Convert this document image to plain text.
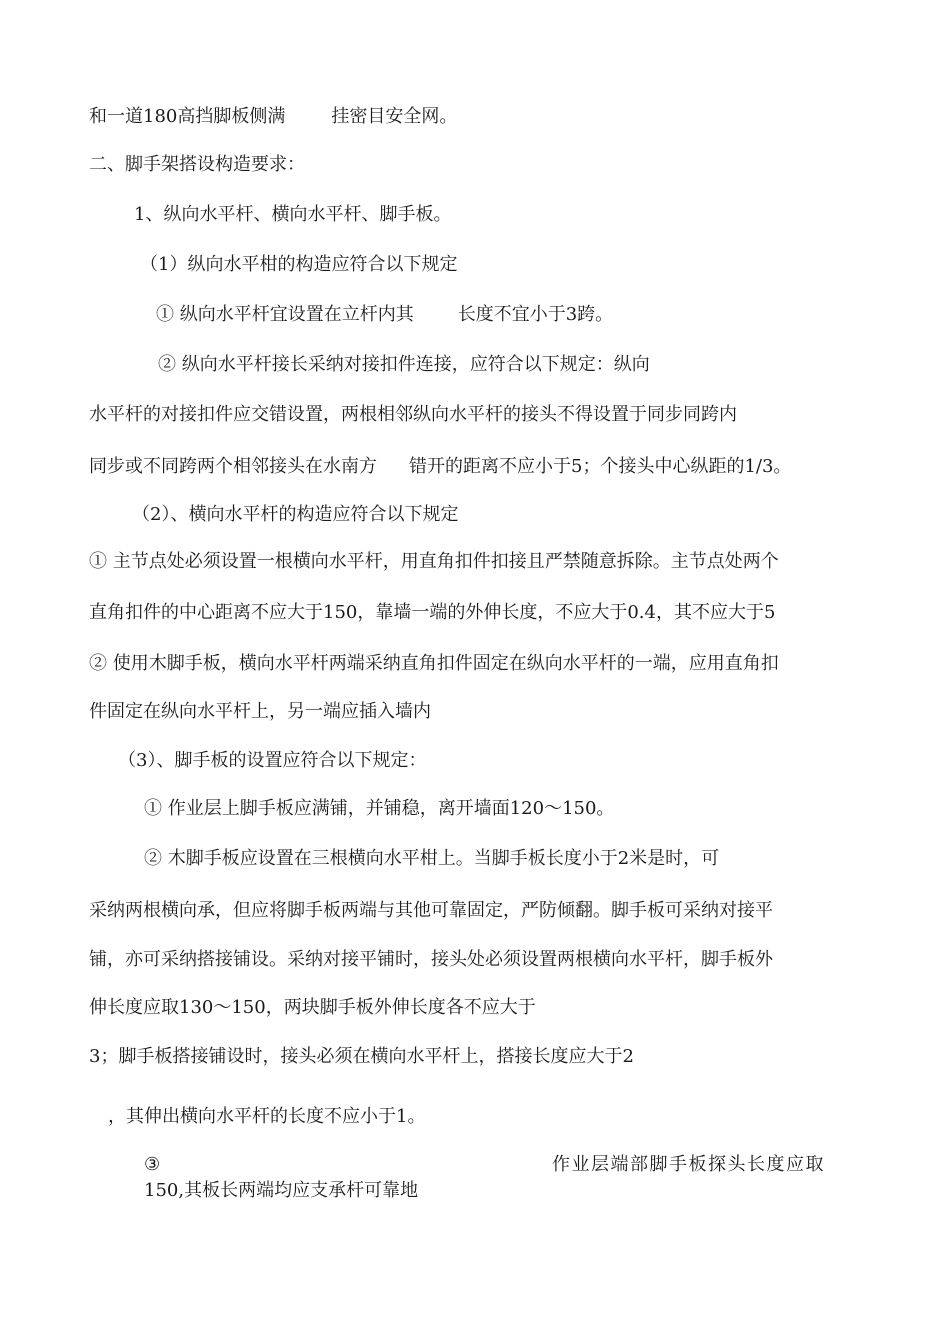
和一道180高挡脚板侧满	挂密目安全网。
二、脚手架搭设构造要求：
1、纵向水平杆、横向水平杆、脚手板。
（1）纵向水平柑的构造应符合以下规定
① 纵向水平杆宜设置在立杆内其 长度不宜小于3跨。
② 纵向水平杆接长采纳对接扣件连接，应符合以下规定：纵向
水平杆的对接扣件应交错设置，两根相邻纵向水平杆的接头不得设置于同步同跨内
同步或不同跨两个相邻接头在水南方 错开的距离不应小于5；个接头中心纵距的1/3。
（2）、横向水平杆的构造应符合以下规定
① 主节点处必须设置一根横向水平杆，用直角扣件扣接且严禁随意拆除。主节点处两个
直角扣件的中心距离不应大于150，靠墙一端的外伸长度，不应大于0.4，其不应大于5
② 使用木脚手板，横向水平杆两端采纳直角扣件固定在纵向水平杆的一端，应用直角扣
件固定在纵向水平杆上，另一端应插入墙内
（3）、脚手板的设置应符合以下规定：
① 作业层上脚手板应满铺，并铺稳，离开墙面120～150。
② 木脚手板应设置在三根横向水平柑上。当脚手板长度小于2米是时，可
采纳两根横向承，但应将脚手板两端与其他可靠固定，严防倾翻。脚手板可采纳对接平
铺，亦可采纳搭接铺设。采纳对接平铺时，接头处必须设置两根横向水平杆，脚手板外
伸长度应取130～150，两块脚手板外伸长度各不应大于
3；脚手板搭接铺设时，接头必须在横向水平杆上，搭接长度应大于2
，其伸出横向水平杆的长度不应小于1。
③	作业层端部脚手板探头长度应取
150,其板长两端均应支承杆可靠地
